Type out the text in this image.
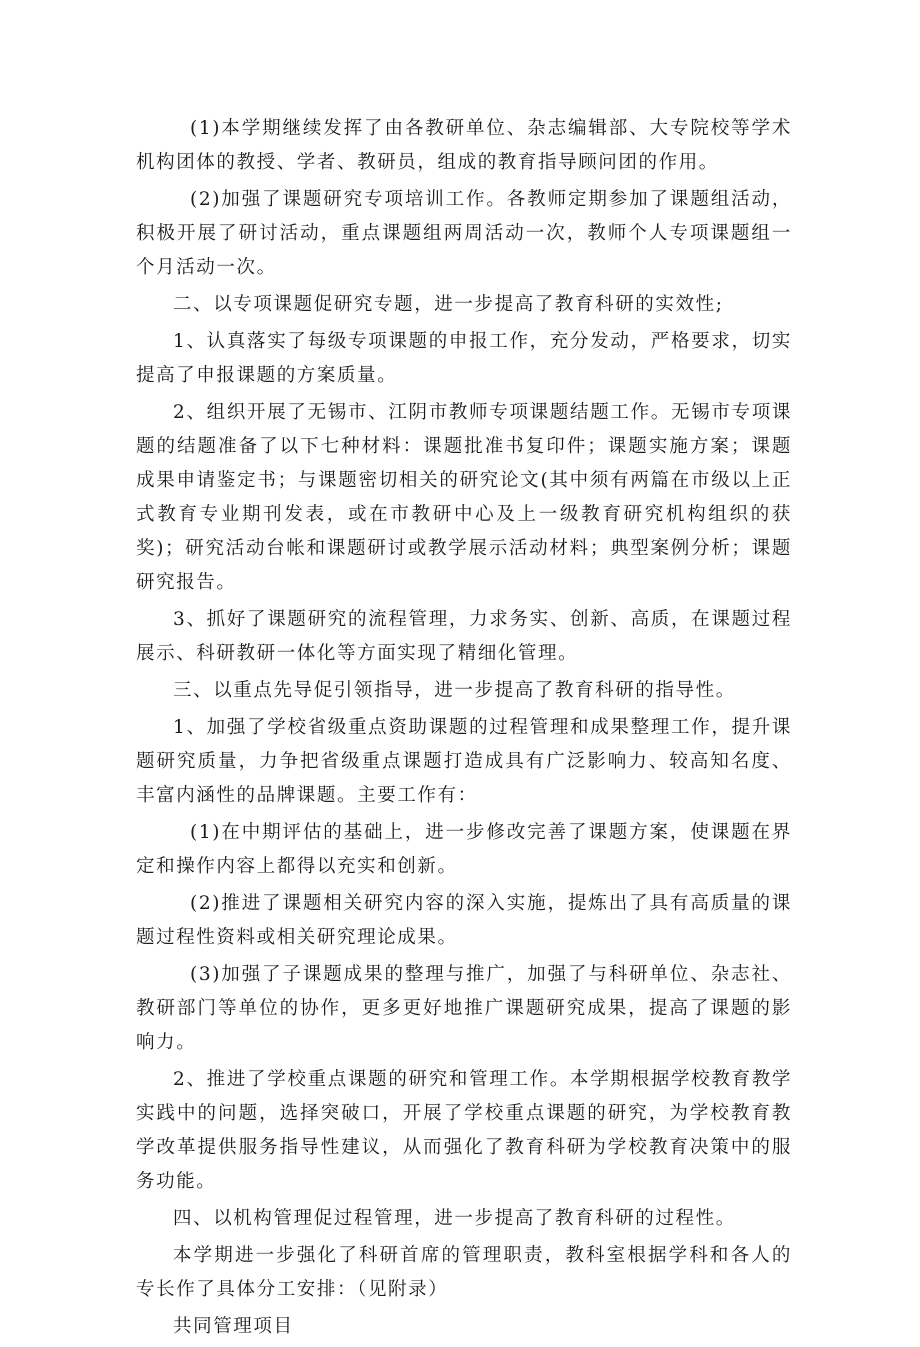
(1)本学期继续发挥了由各教研单位、杂志编辑部、大专院校等学术机构团体的教授、学者、教研员，组成的教育指导顾问团的作用。

(2)加强了课题研究专项培训工作。各教师定期参加了课题组活动，积极开展了研讨活动，重点课题组两周活动一次，教师个人专项课题组一个月活动一次。

二、以专项课题促研究专题，进一步提高了教育科研的实效性;

1、认真落实了每级专项课题的申报工作，充分发动，严格要求，切实提高了申报课题的方案质量。

2、组织开展了无锡市、江阴市教师专项课题结题工作。无锡市专项课题的结题准备了以下七种材料：课题批准书复印件；课题实施方案；课题成果申请鉴定书；与课题密切相关的研究论文(其中须有两篇在市级以上正式教育专业期刊发表，或在市教研中心及上一级教育研究机构组织的获奖)；研究活动台帐和课题研讨或教学展示活动材料；典型案例分析；课题研究报告。

3、抓好了课题研究的流程管理，力求务实、创新、高质，在课题过程展示、科研教研一体化等方面实现了精细化管理。

三、以重点先导促引领指导，进一步提高了教育科研的指导性。

1、加强了学校省级重点资助课题的过程管理和成果整理工作，提升课题研究质量，力争把省级重点课题打造成具有广泛影响力、较高知名度、丰富内涵性的品牌课题。主要工作有：

(1)在中期评估的基础上，进一步修改完善了课题方案，使课题在界定和操作内容上都得以充实和创新。

(2)推进了课题相关研究内容的深入实施，提炼出了具有高质量的课题过程性资料或相关研究理论成果。

(3)加强了子课题成果的整理与推广，加强了与科研单位、杂志社、教研部门等单位的协作，更多更好地推广课题研究成果，提高了课题的影响力。

2、推进了学校重点课题的研究和管理工作。本学期根据学校教育教学实践中的问题，选择突破口，开展了学校重点课题的研究，为学校教育教学改革提供服务指导性建议，从而强化了教育科研为学校教育决策中的服务功能。

四、以机构管理促过程管理，进一步提高了教育科研的过程性。

本学期进一步强化了科研首席的管理职责，教科室根据学科和各人的专长作了具体分工安排：（见附录）

共同管理项目
